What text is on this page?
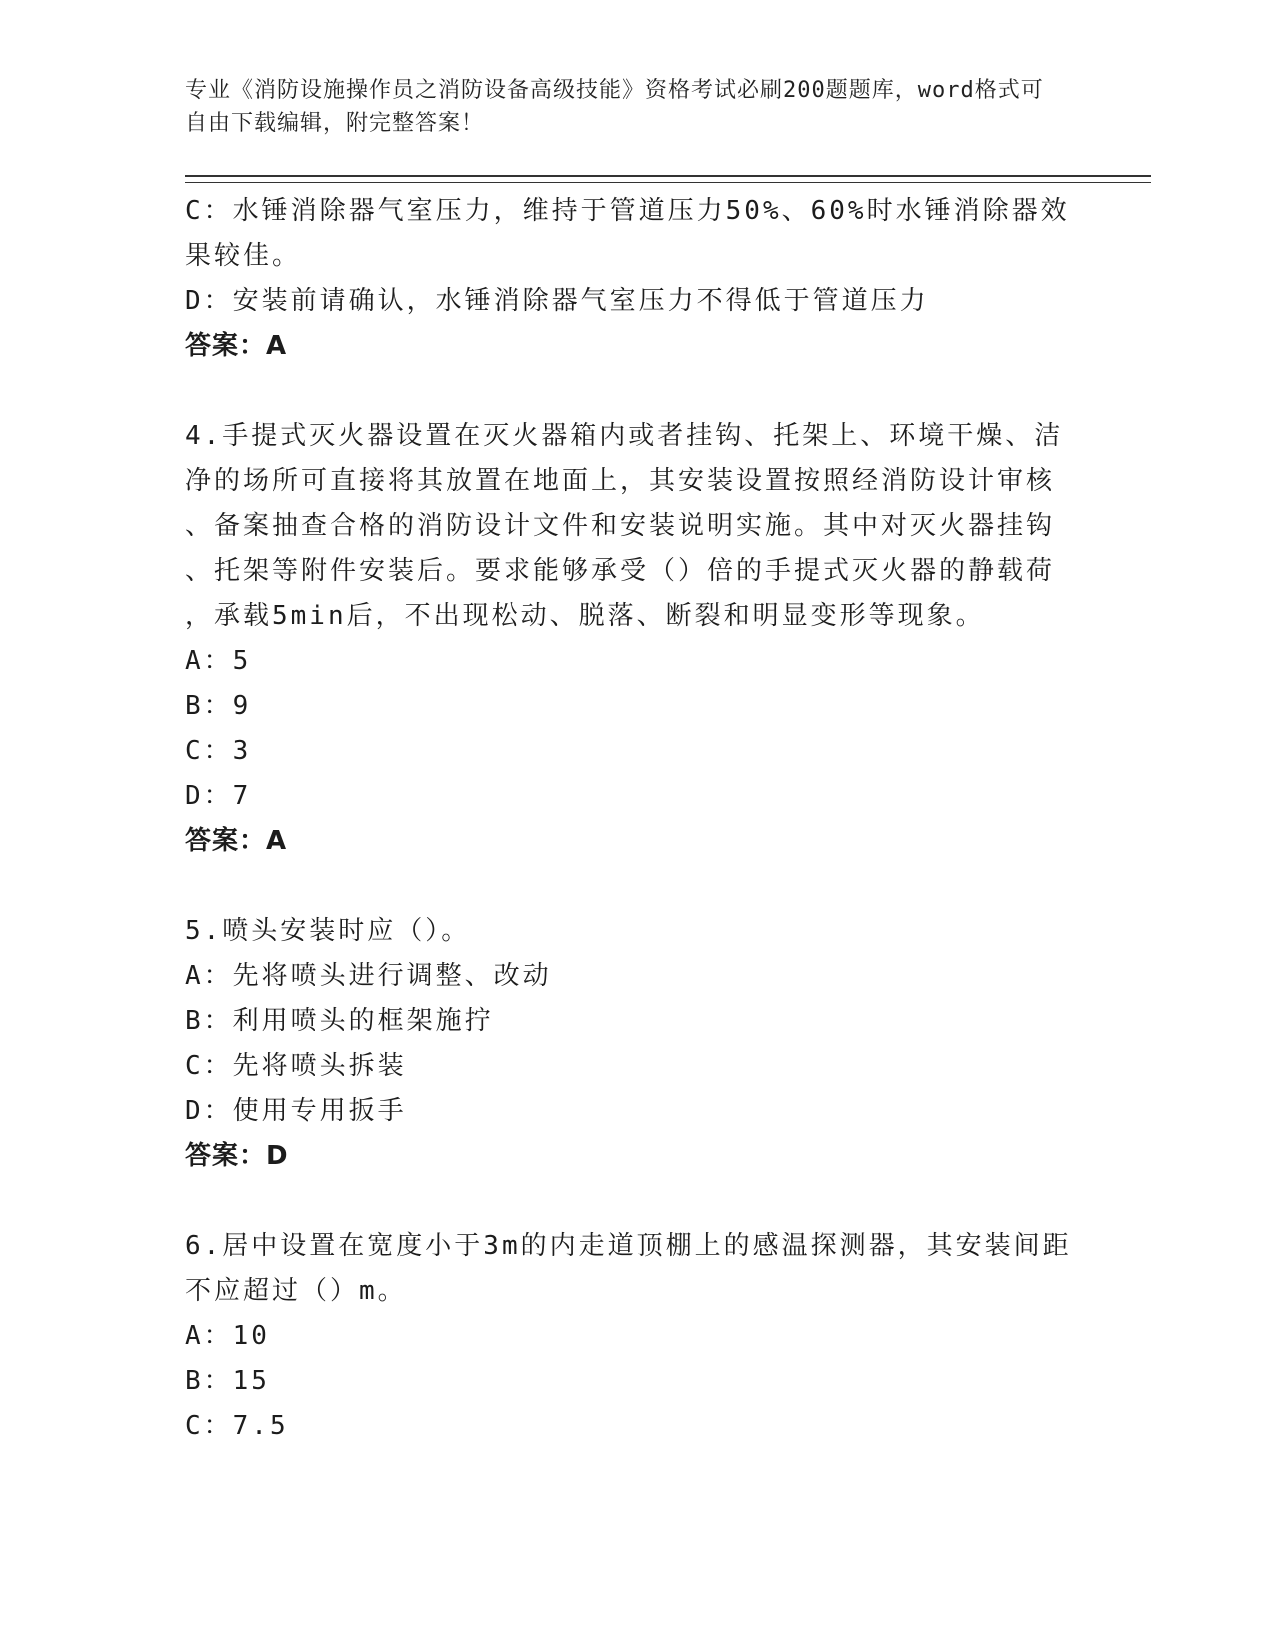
专业《消防设施操作员之消防设备高级技能》资格考试必刷200题题库，word格式可自由下载编辑，附完整答案！

C：水锤消除器气室压力，维持于管道压力50%、60%时水锤消除器效果较佳。

D：安装前请确认，水锤消除器气室压力不得低于管道压力

答案：A

4.手提式灭火器设置在灭火器箱内或者挂钩、托架上、环境干燥、洁

净的场所可直接将其放置在地面上，其安装设置按照经消防设计审核

、备案抽查合格的消防设计文件和安装说明实施。其中对灭火器挂钩

、托架等附件安装后。要求能够承受（）倍的手提式灭火器的静载荷

，承载5min后，不出现松动、脱落、断裂和明显变形等现象。

A：5

B：9

C：3

D：7

答案：A

5.喷头安装时应（）。

A：先将喷头进行调整、改动

B：利用喷头的框架施拧

C：先将喷头拆装

D：使用专用扳手

答案：D

6.居中设置在宽度小于3m的内走道顶棚上的感温探测器，其安装间距不应超过（）m。

A：10

B：15

C：7.5
